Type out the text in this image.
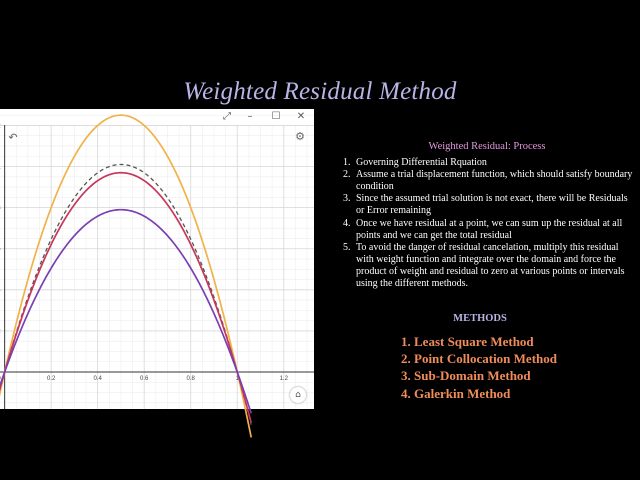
Weighted Residual Method
0.2	0.4	0.6	0.8	1	1.2
⤢	–	☐ ✕
↶	⚙
⌂
Weighted Residual: Process
1. Governing Differential Rquation
2. Assume a trial displacement function, which should satisfy boundary condition
3. Since the assumed trial solution is not exact, there will be Residuals or Error remaining
4. Once we have residual at a point, we can sum up the residual at all points and we can get the total residual
5. To avoid the danger of residual cancelation, multiply this residual with weight function and integrate over the domain and force the product of weight and residual to zero at various points or intervals using the different methods.
METHODS
1. Least Square Method
2. Point Collocation Method
3. Sub-Domain Method
4. Galerkin Method
